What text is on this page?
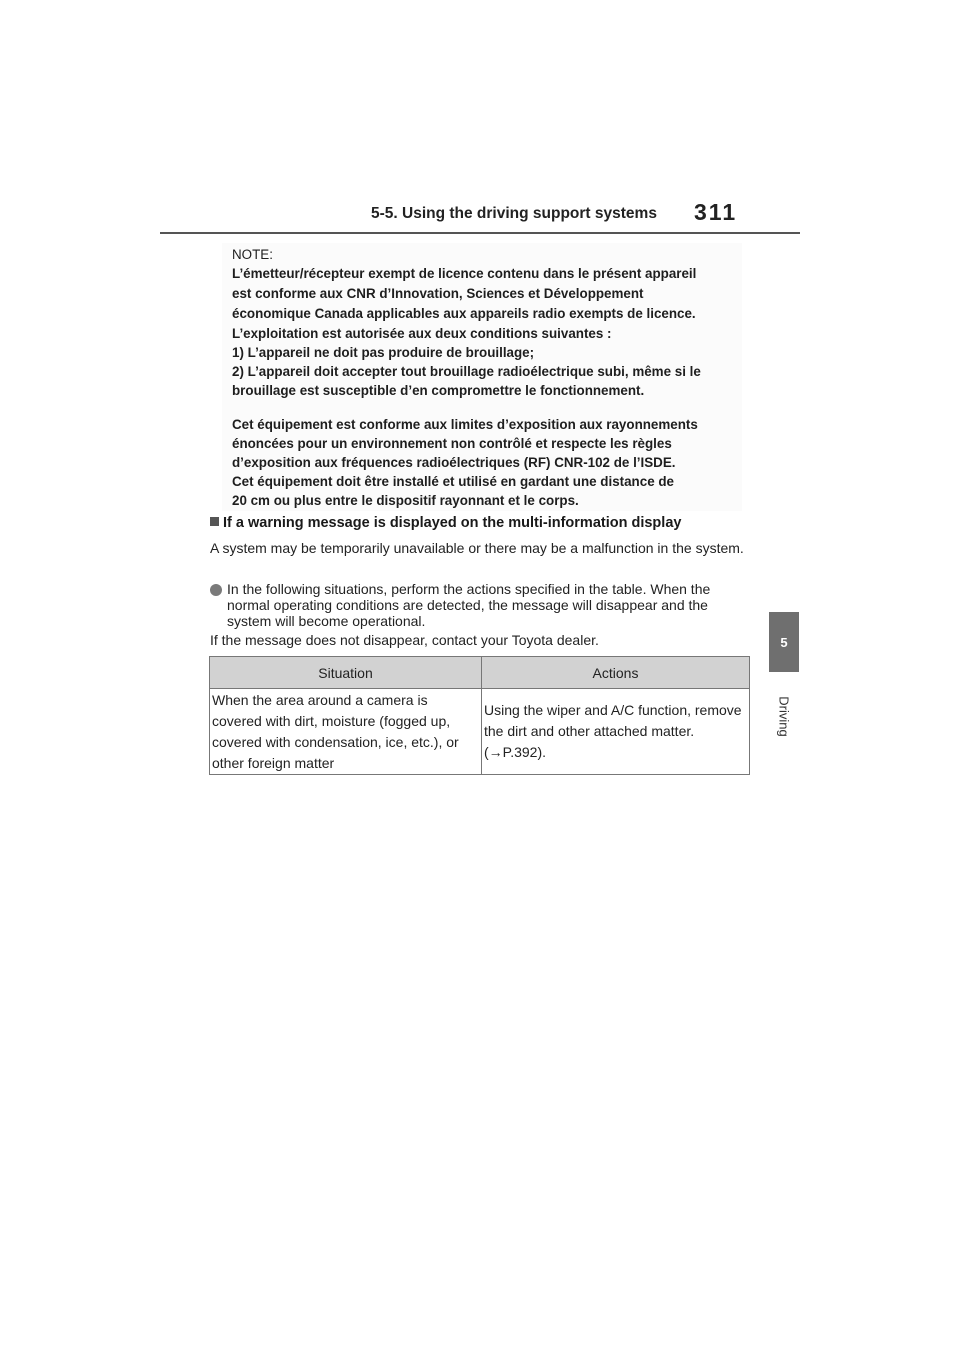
5-5. Using the driving support systems 311
5
Driving
NOTE:
L’émetteur/récepteur exempt de licence contenu dans le présent appareil
est conforme aux CNR d’Innovation, Sciences et Développement
économique Canada applicables aux appareils radio exempts de licence.
L’exploitation est autorisée aux deux conditions suivantes :
1) L’appareil ne doit pas produire de brouillage;
2) L’appareil doit accepter tout brouillage radioélectrique subi, même si le
brouillage est susceptible d’en compromettre le fonctionnement.
Cet équipement est conforme aux limites d’exposition aux rayonnements
énoncées pour un environnement non contrôlé et respecte les règles
d’exposition aux fréquences radioélectriques (RF) CNR-102 de l’ISDE.
Cet équipement doit être installé et utilisé en gardant une distance de
20 cm ou plus entre le dispositif rayonnant et le corps.
If a warning message is displayed on the multi-information display
A system may be temporarily unavailable or there may be a malfunction in the system.
In the following situations, perform the actions specified in the table. When the normal operating conditions are detected, the message will disappear and the system will become operational.
If the message does not disappear, contact your Toyota dealer.
Situation	Actions
When the area around a camera is covered with dirt, moisture (fogged up, covered with condensation, ice, etc.), or other foreign matter	Using the wiper and A/C function, remove the dirt and other attached matter. (→P.392).
